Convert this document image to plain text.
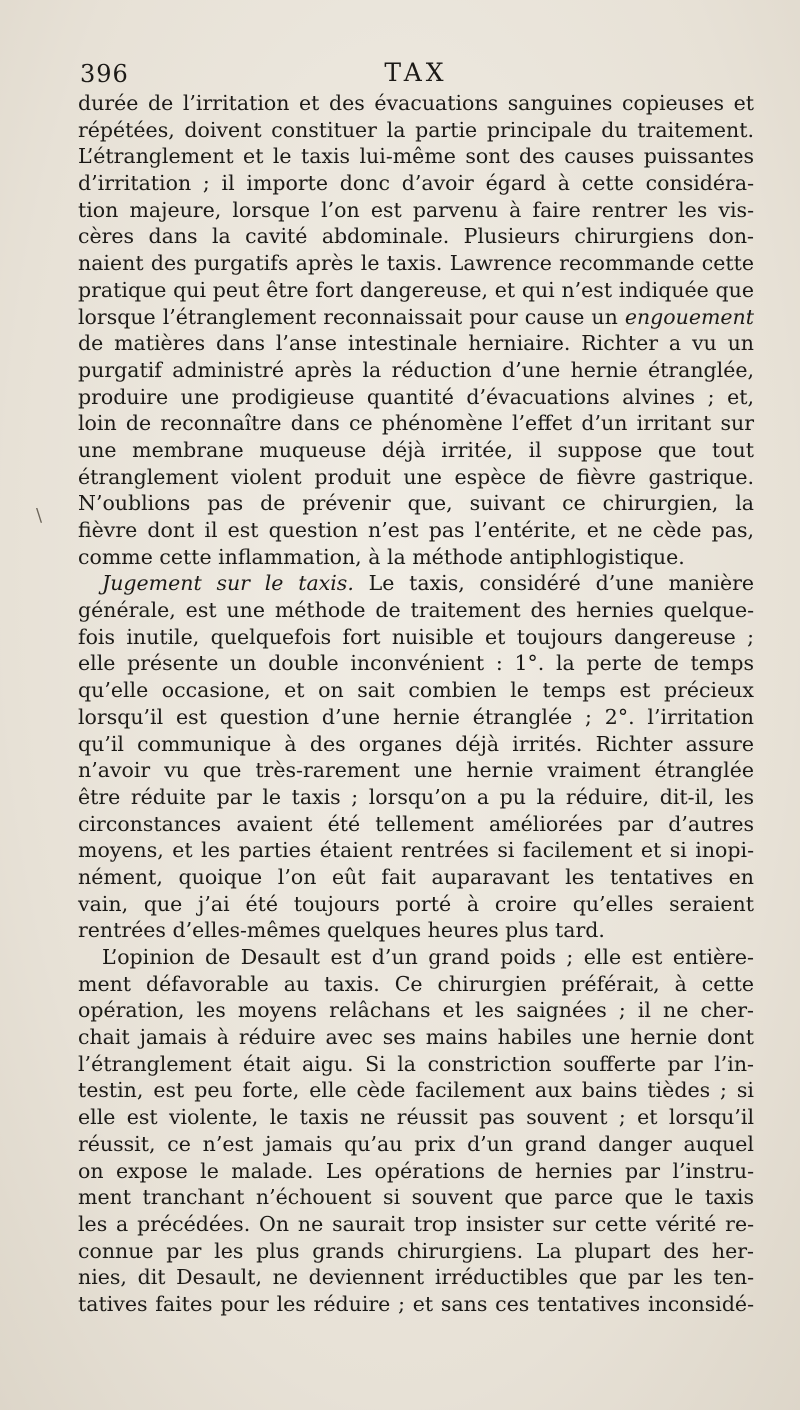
396	TAX
\
durée de l’irritation et des évacuations sanguines copieuses et
répétées, doivent constituer la partie principale du traitement.
L’étranglement et le taxis lui-même sont des causes puissantes
d’irritation ; il importe donc d’avoir égard à cette considéra-
tion majeure, lorsque l’on est parvenu à faire rentrer les vis-
cères dans la cavité abdominale. Plusieurs chirurgiens don-
naient des purgatifs après le taxis. Lawrence recommande cette
pratique qui peut être fort dangereuse, et qui n’est indiquée que
lorsque l’étranglement reconnaissait pour cause un engouement
de matières dans l’anse intestinale herniaire. Richter a vu un
purgatif administré après la réduction d’une hernie étranglée,
produire une prodigieuse quantité d’évacuations alvines ; et,
loin de reconnaître dans ce phénomène l’effet d’un irritant sur
une membrane muqueuse déjà irritée, il suppose que tout
étranglement violent produit une espèce de fièvre gastrique.
N’oublions pas de prévenir que, suivant ce chirurgien, la
fièvre dont il est question n’est pas l’entérite, et ne cède pas,
comme cette inflammation, à la méthode antiphlogistique.
Jugement sur le taxis. Le taxis, considéré d’une manière
générale, est une méthode de traitement des hernies quelque-
fois inutile, quelquefois fort nuisible et toujours dangereuse ;
elle présente un double inconvénient : 1°. la perte de temps
qu’elle occasione, et on sait combien le temps est précieux
lorsqu’il est question d’une hernie étranglée ; 2°. l’irritation
qu’il communique à des organes déjà irrités. Richter assure
n’avoir vu que très-rarement une hernie vraiment étranglée
être réduite par le taxis ; lorsqu’on a pu la réduire, dit-il, les
circonstances avaient été tellement améliorées par d’autres
moyens, et les parties étaient rentrées si facilement et si inopi-
nément, quoique l’on eût fait auparavant les tentatives en
vain, que j’ai été toujours porté à croire qu’elles seraient
rentrées d’elles-mêmes quelques heures plus tard.
L’opinion de Desault est d’un grand poids ; elle est entière-
ment défavorable au taxis. Ce chirurgien préférait, à cette
opération, les moyens relâchans et les saignées ; il ne cher-
chait jamais à réduire avec ses mains habiles une hernie dont
l’étranglement était aigu. Si la constriction soufferte par l’in-
testin, est peu forte, elle cède facilement aux bains tièdes ; si
elle est violente, le taxis ne réussit pas souvent ; et lorsqu’il
réussit, ce n’est jamais qu’au prix d’un grand danger auquel
on expose le malade. Les opérations de hernies par l’instru-
ment tranchant n’échouent si souvent que parce que le taxis
les a précédées. On ne saurait trop insister sur cette vérité re-
connue par les plus grands chirurgiens. La plupart des her-
nies, dit Desault, ne deviennent irréductibles que par les ten-
tatives faites pour les réduire ; et sans ces tentatives inconsidé-
